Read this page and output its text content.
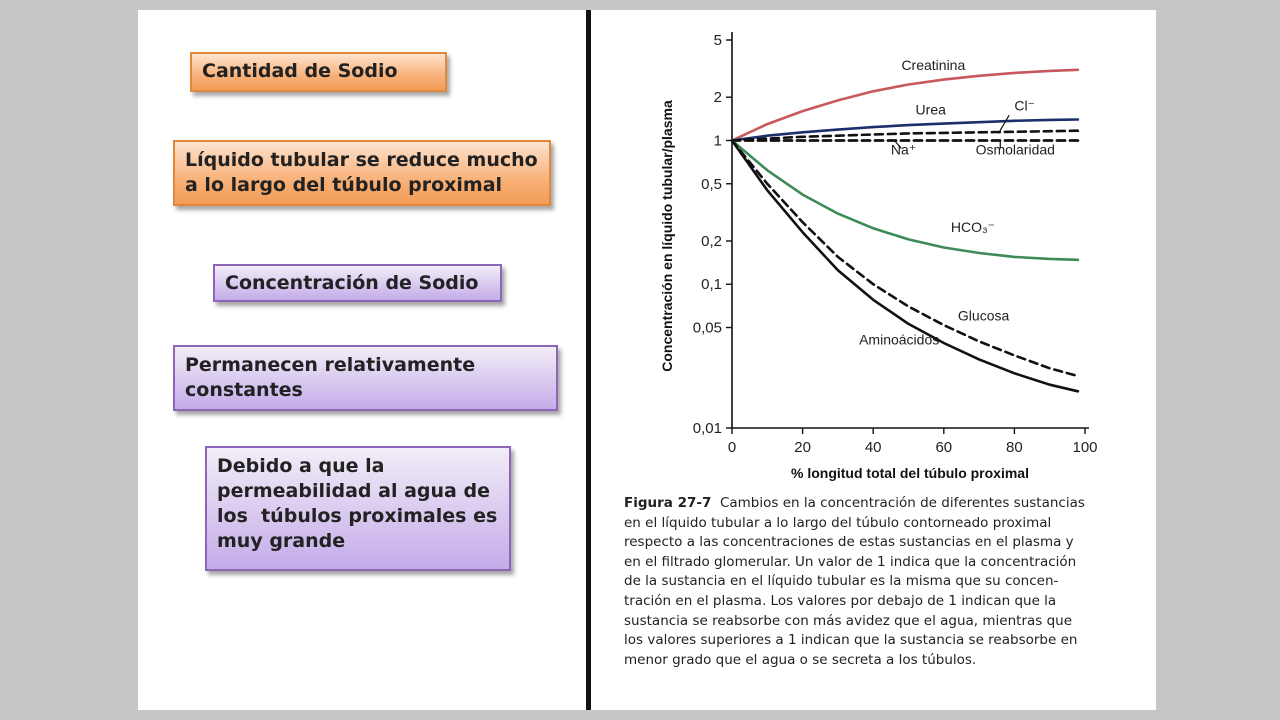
Cantidad de Sodio
Líquido tubular se reduce mucho
a lo largo del túbulo proximal
Concentración de Sodio
Permanecen relativamente
constantes
Debido a que la
permeabilidad al agua de
los  túbulos proximales es
muy grande
5
2
1
0,5
0,2
0,1
0,05
0,01
0	20	40	60	80	100
Creatinina
Urea	Cl⁻
Na⁺	Osmolaridad
HCO₃⁻
Glucosa
Aminoácidos
% longitud total del túbulo proximal
Concentración en líquido tubular/plasma
Figura 27-7  Cambios en la concentración de diferentes sustancias
en el líquido tubular a lo largo del túbulo contorneado proximal
respecto a las concentraciones de estas sustancias en el plasma y
en el filtrado glomerular. Un valor de 1 indica que la concentración
de la sustancia en el líquido tubular es la misma que su concen-
tración en el plasma. Los valores por debajo de 1 indican que la
sustancia se reabsorbe con más avidez que el agua, mientras que
los valores superiores a 1 indican que la sustancia se reabsorbe en
menor grado que el agua o se secreta a los túbulos.
